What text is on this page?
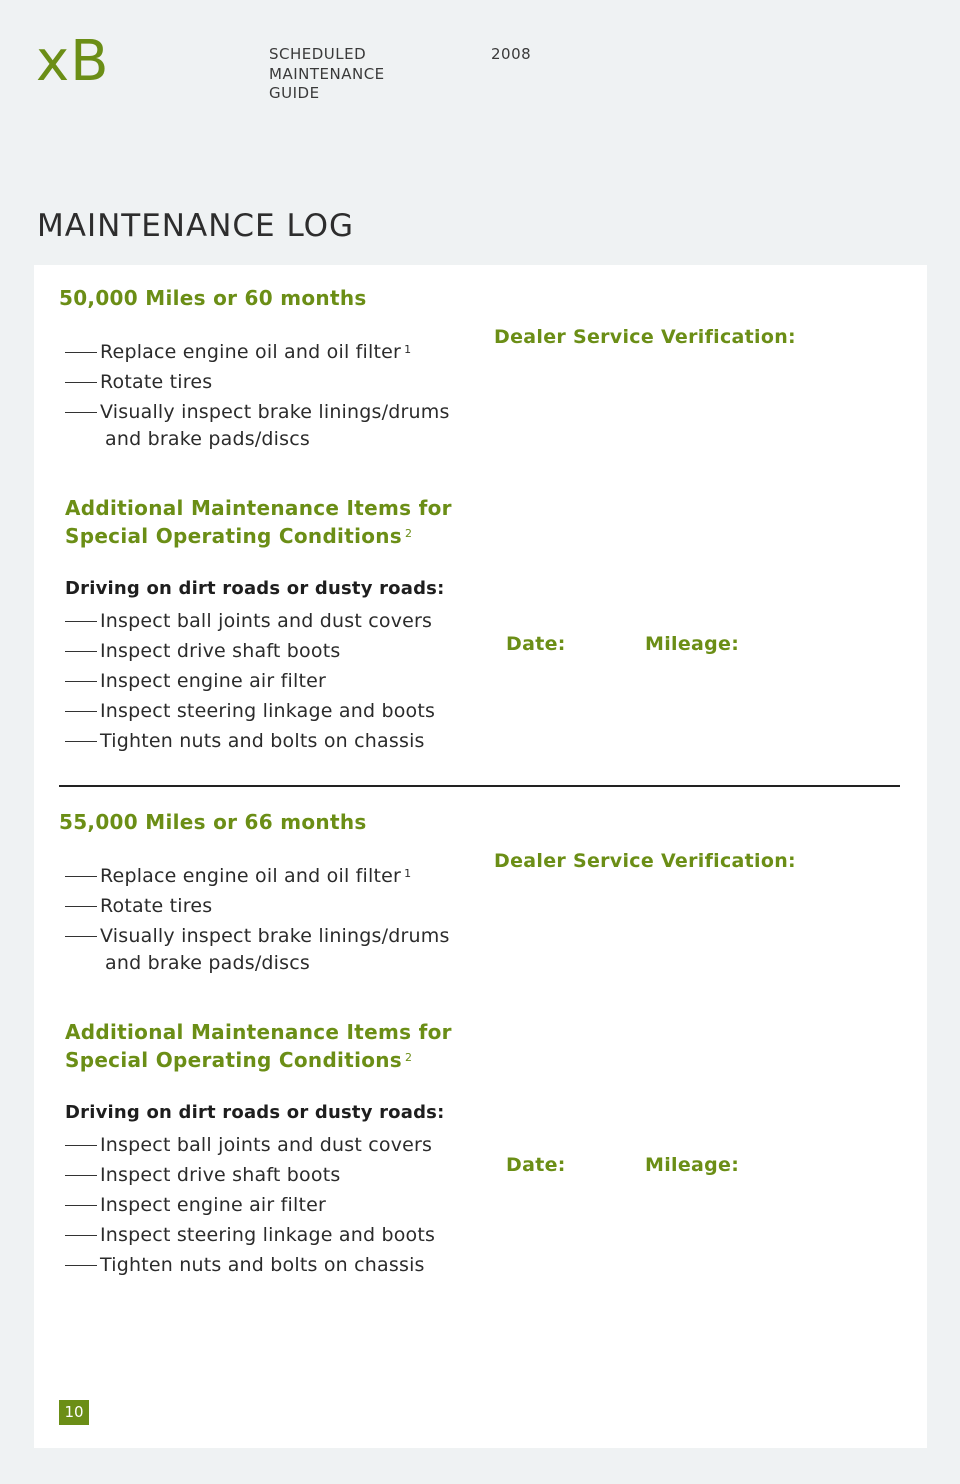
xB	SCHEDULED
MAINTENANCE
GUIDE
2008
MAINTENANCE LOG
50,000 Miles or 60 months
Replace engine oil and oil filter $^1$
Rotate tires
Visually inspect brake linings/drums
and brake pads/discs
Additional Maintenance Items for
Special Operating Conditions $^2$
Driving on dirt roads or dusty roads:
Inspect ball joints and dust covers
Inspect drive shaft boots
Inspect engine air filter
Inspect steering linkage and boots
Tighten nuts and bolts on chassis
Dealer Service Verification:
Date:	Mileage:
55,000 Miles or 66 months
Replace engine oil and oil filter $^1$
Rotate tires
Visually inspect brake linings/drums
and brake pads/discs
Additional Maintenance Items for
Special Operating Conditions $^2$
Driving on dirt roads or dusty roads:
Inspect ball joints and dust covers
Inspect drive shaft boots
Inspect engine air filter
Inspect steering linkage and boots
Tighten nuts and bolts on chassis
Dealer Service Verification:
Date:	Mileage:
10
